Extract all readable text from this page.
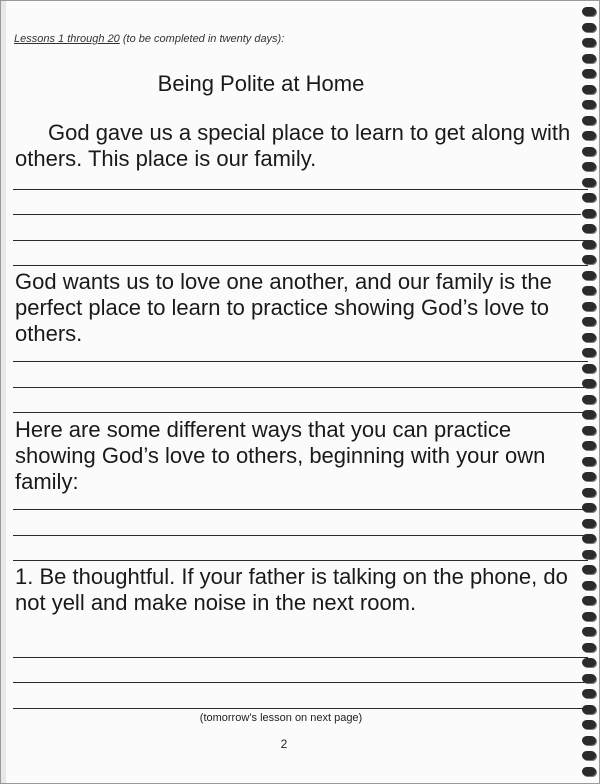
Lessons 1 through 20 (to be completed in twenty days):
Being Polite at Home

God gave us a special place to learn to get along with others. This place is our family.

God wants us to love one another, and our family is the perfect place to learn to practice showing God’s love to others.

Here are some different ways that you can practice showing God’s love to others, beginning with your own family:

1. Be thoughtful. If your father is talking on the phone, do not yell and make noise in the next room.

(tomorrow’s lesson on next page)
2
